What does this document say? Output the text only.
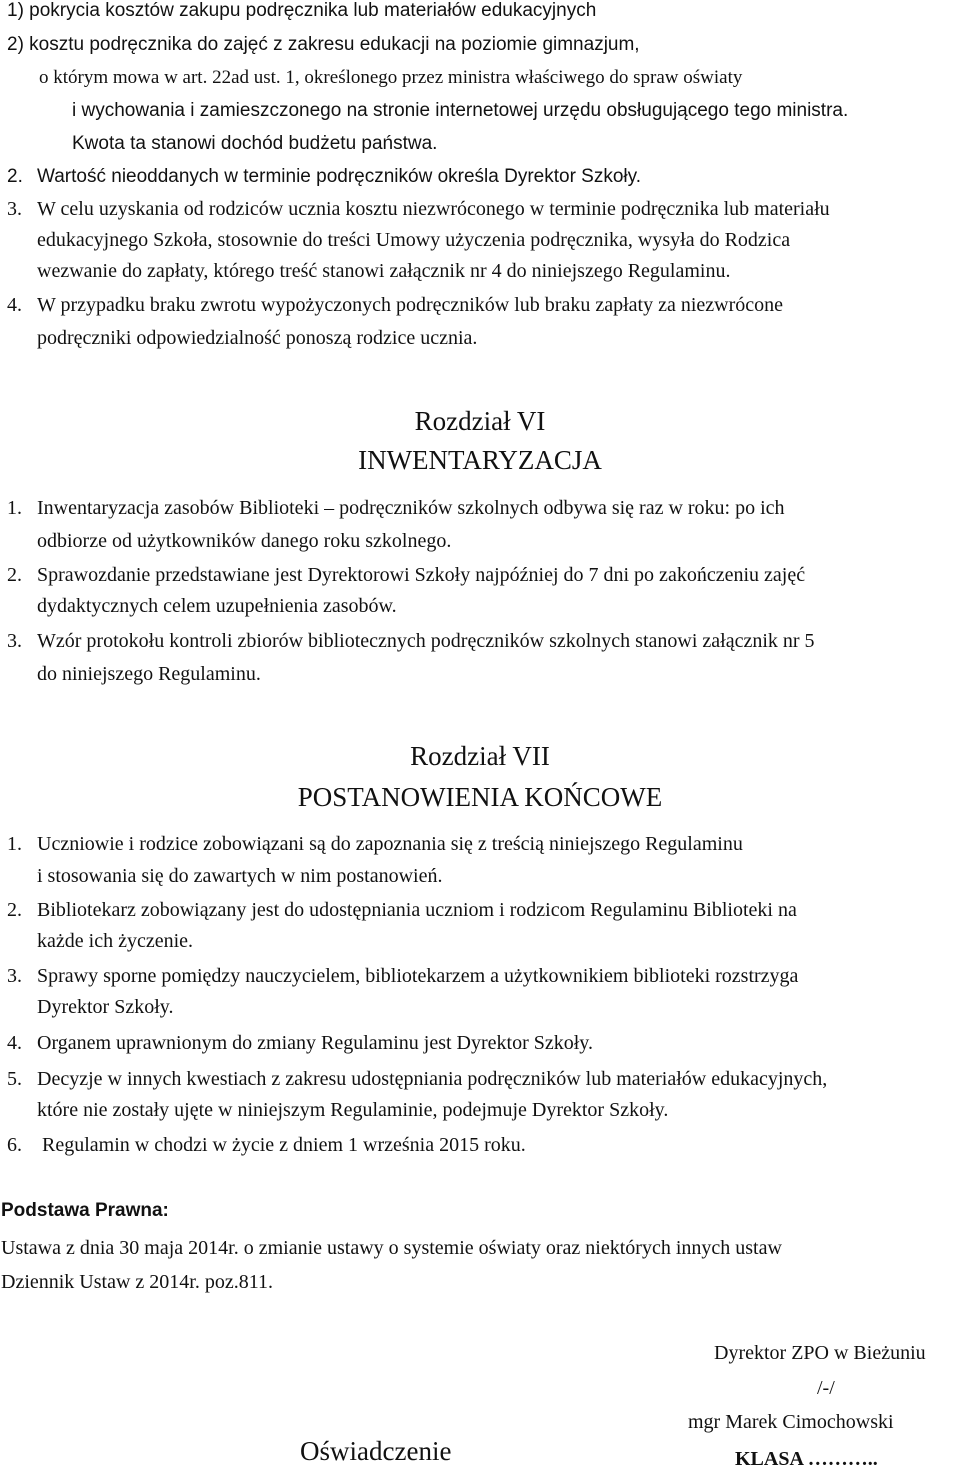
1) pokrycia kosztów zakupu podręcznika lub materiałów edukacyjnych
2) kosztu podręcznika do zajęć z zakresu edukacji na poziomie gimnazjum,
o którym mowa w art. 22ad ust. 1, określonego przez ministra właściwego do spraw oświaty
i wychowania i zamieszczonego na stronie internetowej urzędu obsługującego tego ministra.
Kwota ta stanowi dochód budżetu państwa.
2. Wartość nieoddanych w terminie podręczników określa Dyrektor Szkoły.
3. W celu uzyskania od rodziców ucznia kosztu niezwróconego w terminie podręcznika lub materiału
edukacyjnego Szkoła, stosownie do treści Umowy użyczenia podręcznika, wysyła do Rodzica
wezwanie do zapłaty, którego treść stanowi załącznik nr 4 do niniejszego Regulaminu.
4. W przypadku braku zwrotu wypożyczonych podręczników lub braku zapłaty za niezwrócone
podręczniki odpowiedzialność ponoszą rodzice ucznia.
Rozdział VI
INWENTARYZACJA
1. Inwentaryzacja zasobów Biblioteki – podręczników szkolnych odbywa się raz w roku: po ich
odbiorze od użytkowników danego roku szkolnego.
2. Sprawozdanie przedstawiane jest Dyrektorowi Szkoły najpóźniej do 7 dni po zakończeniu zajęć
dydaktycznych celem uzupełnienia zasobów.
3. Wzór protokołu kontroli zbiorów bibliotecznych podręczników szkolnych stanowi załącznik nr 5
do niniejszego Regulaminu.
Rozdział VII
POSTANOWIENIA KOŃCOWE
1. Uczniowie i rodzice zobowiązani są do zapoznania się z treścią niniejszego Regulaminu
i stosowania się do zawartych w nim postanowień.
2. Bibliotekarz zobowiązany jest do udostępniania uczniom i rodzicom Regulaminu Biblioteki na
każde ich życzenie.
3. Sprawy sporne pomiędzy nauczycielem, bibliotekarzem a użytkownikiem biblioteki rozstrzyga
Dyrektor Szkoły.
4. Organem uprawnionym do zmiany Regulaminu jest Dyrektor Szkoły.
5. Decyzje w innych kwestiach z zakresu udostępniania podręczników lub materiałów edukacyjnych,
które nie zostały ujęte w niniejszym Regulaminie, podejmuje Dyrektor Szkoły.
6. Regulamin w chodzi w życie z dniem 1 września 2015 roku.
Podstawa Prawna:
Ustawa z dnia 30 maja 2014r. o zmianie ustawy o systemie oświaty oraz niektórych innych ustaw
Dziennik Ustaw z 2014r. poz.811.
Dyrektor ZPO w Bieżuniu
/-/
mgr Marek Cimochowski
Oświadczenie	KLASA ………..
